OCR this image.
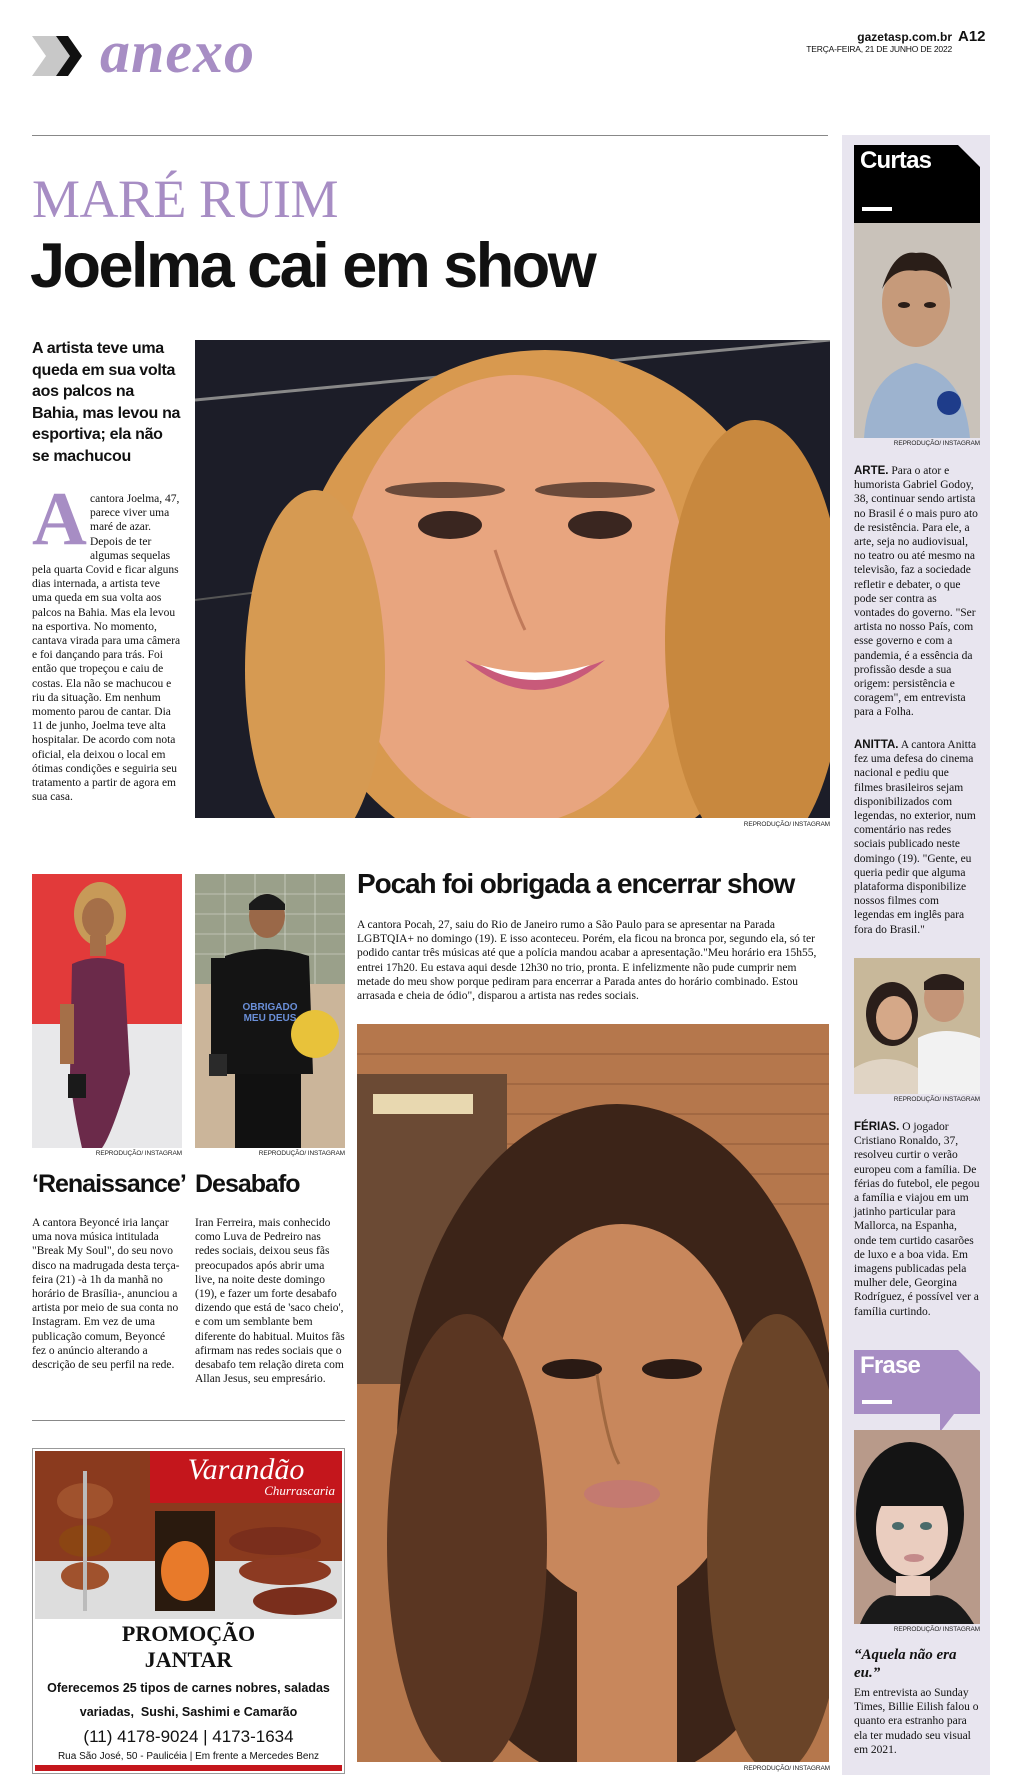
anexo	gazetasp.com.br
TERÇA-FEIRA, 21 DE JUNHO DE 2022
A12
MARÉ RUIM
Joelma cai em show
A artista teve uma queda em sua volta aos palcos na Bahia, mas levou na esportiva; ela não se machucou
A cantora Joelma, 47, parece viver uma maré de azar. Depois de ter algumas sequelas pela quarta Covid e ficar alguns dias internada, a artista teve uma queda em sua volta aos palcos na Bahia. Mas ela levou na esportiva. No momento, cantava virada para uma câmera e foi dançando para trás. Foi então que tropeçou e caiu de costas. Ela não se machucou e riu da situação. Em nenhum momento parou de cantar. Dia 11 de junho, Joelma teve alta hospitalar. De acordo com nota oficial, ela deixou o local em ótimas condições e seguiria seu tratamento a partir de agora em sua casa.
REPRODUÇÃO/ INSTAGRAM
REPRODUÇÃO/ INSTAGRAM
OBRIGADO MEU DEUS
REPRODUÇÃO/ INSTAGRAM
‘Renaissance’
A cantora Beyoncé iria lançar uma nova música intitulada "Break My Soul", do seu novo disco na madrugada desta terça-feira (21) -à 1h da manhã no horário de Brasília-, anunciou a artista por meio de sua conta no Instagram. Em vez de uma publicação comum, Beyoncé fez o anúncio alterando a descrição de seu perfil na rede.
Desabafo
Iran Ferreira, mais conhecido como Luva de Pedreiro nas redes sociais, deixou seus fãs preocupados após abrir uma live, na noite deste domingo (19), e fazer um forte desabafo dizendo que está de 'saco cheio', e com um semblante bem diferente do habitual. Muitos fãs afirmam nas redes sociais que o desabafo tem relação direta com Allan Jesus, seu empresário.
Pocah foi obrigada a encerrar show
A cantora Pocah, 27, saiu do Rio de Janeiro rumo a São Paulo para se apresentar na Parada LGBTQIA+ no domingo (19). E isso aconteceu. Porém, ela ficou na bronca por, segundo ela, só ter podido cantar três músicas até que a polícia mandou acabar a apresentação."Meu horário era 15h55, entrei 17h20. Eu estava aqui desde 12h30 no trio, pronta. E infelizmente não pude cumprir nem metade do meu show porque pediram para encerrar a Parada antes do horário combinado. Estou arrasada e cheia de ódio", disparou a artista nas redes sociais.
REPRODUÇÃO/ INSTAGRAM
Varandão
Churrascaria
PROMOÇÃO
JANTAR
Oferecemos 25 tipos de carnes nobres, saladas
variadas,  Sushi, Sashimi e Camarão
(11) 4178-9024 | 4173-1634
Rua São José, 50 - Paulicéia | Em frente a Mercedes Benz
Curtas
REPRODUÇÃO/ INSTAGRAM
ARTE. Para o ator e humorista Gabriel Godoy, 38, continuar sendo artista no Brasil é o mais puro ato de resistência. Para ele, a arte, seja no audiovisual, no teatro ou até mesmo na televisão, faz a sociedade refletir e debater, o que pode ser contra as vontades do governo. "Ser artista no nosso País, com esse governo e com a pandemia, é a essência da profissão desde a sua origem: persistência e coragem", em entrevista para a Folha.
ANITTA. A cantora Anitta fez uma defesa do cinema nacional e pediu que filmes brasileiros sejam disponibilizados com legendas, no exterior, num comentário nas redes sociais publicado neste domingo (19). "Gente, eu queria pedir que alguma plataforma disponibilize nossos filmes com legendas em inglês para fora do Brasil."
REPRODUÇÃO/ INSTAGRAM
FÉRIAS. O jogador Cristiano Ronaldo, 37, resolveu curtir o verão europeu com a família. De férias do futebol, ele pegou a família e viajou em um jatinho particular para Mallorca, na Espanha, onde tem curtido casarões de luxo e a boa vida. Em imagens publicadas pela mulher dele, Georgina Rodríguez, é possível ver a família curtindo.
Frase
REPRODUÇÃO/ INSTAGRAM
“Aquela não era eu.”
Em entrevista ao Sunday Times, Billie Eilish falou o quanto era estranho para ela ter mudado seu visual em 2021.
